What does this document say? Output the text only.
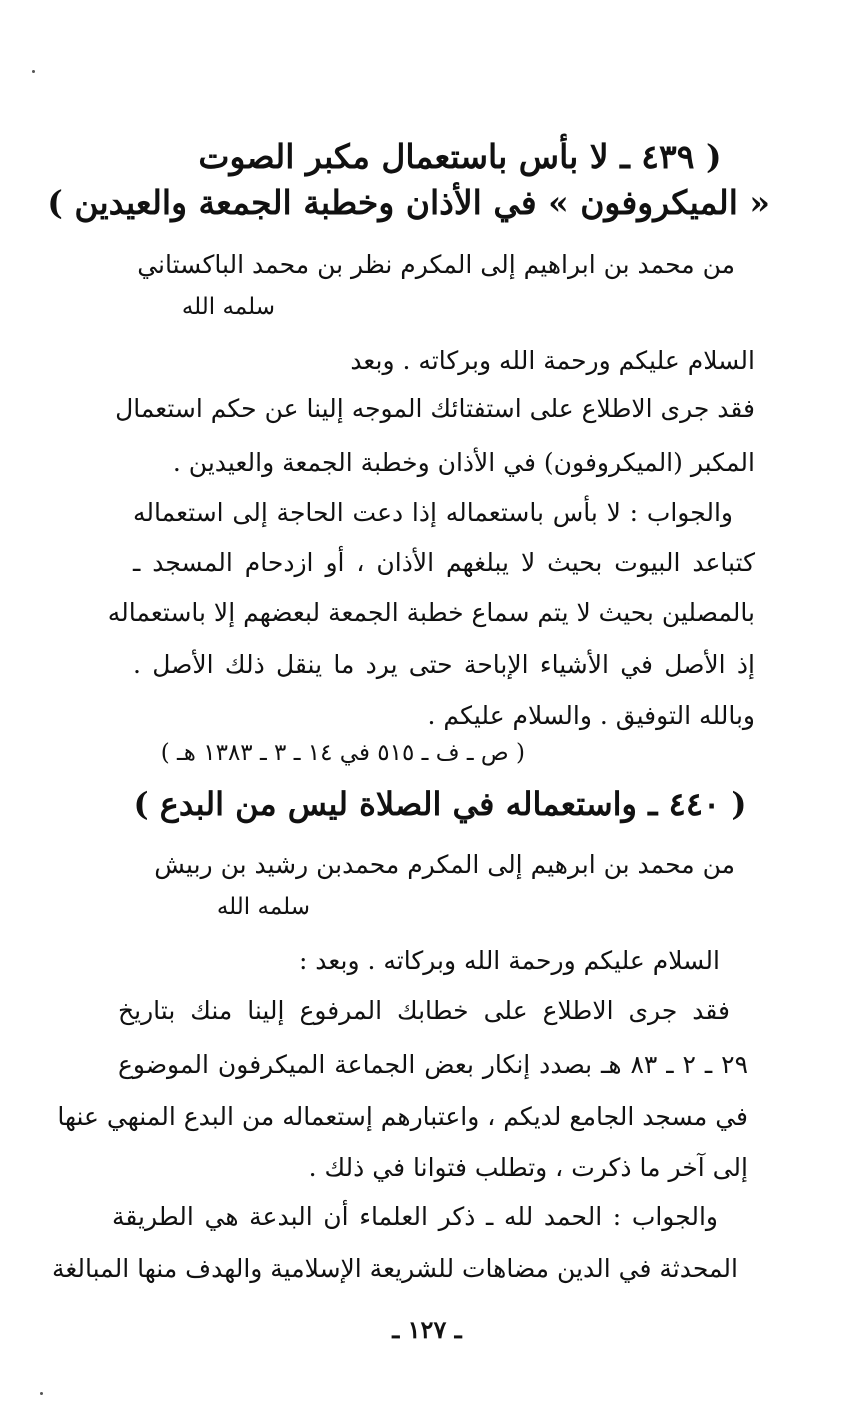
( ٤٣٩ ـ لا بأس باستعمال مكبر الصوت
« الميكروفون » في الأذان وخطبة الجمعة والعيدين )
من محمد بن ابراهيم إلى المكرم نظر بن محمد الباكستاني
سلمه الله
السلام عليكم ورحمة الله وبركاته . وبعد
فقد جرى الاطلاع على استفتائك الموجه إلينا عن حكم استعمال
المكبر (الميكروفون) في الأذان وخطبة الجمعة والعيدين .
والجواب : لا بأس باستعماله إذا دعت الحاجة إلى استعماله
كتباعد البيوت بحيث لا يبلغهم الأذان ، أو ازدحام المسجد ـ
بالمصلين بحيث لا يتم سماع خطبة الجمعة لبعضهم إلا باستعماله
إذ الأصل في الأشياء الإباحة حتى يرد ما ينقل ذلك الأصل .
وبالله التوفيق . والسلام عليكم .
( ص ـ ف ـ ٥١٥ في ١٤ ـ ٣ ـ ١٣٨٣ هـ )
( ٤٤٠ ـ واستعماله في الصلاة ليس من البدع )
من محمد بن ابرهيم إلى المكرم محمدبن رشيد بن ربيش
سلمه الله
السلام عليكم ورحمة الله وبركاته . وبعد :
فقد جرى الاطلاع على خطابك المرفوع إلينا منك بتاريخ
٢٩ ـ ٢ ـ ٨٣ هـ بصدد إنكار بعض الجماعة الميكرفون الموضوع
في مسجد الجامع لديكم ، واعتبارهم إستعماله من البدع المنهي عنها
إلى آخر ما ذكرت ، وتطلب فتوانا في ذلك .
والجواب : الحمد لله ـ ذكر العلماء أن البدعة هي الطريقة
المحدثة في الدين مضاهات للشريعة الإسلامية والهدف منها المبالغة
ـ ١٢٧ ـ
